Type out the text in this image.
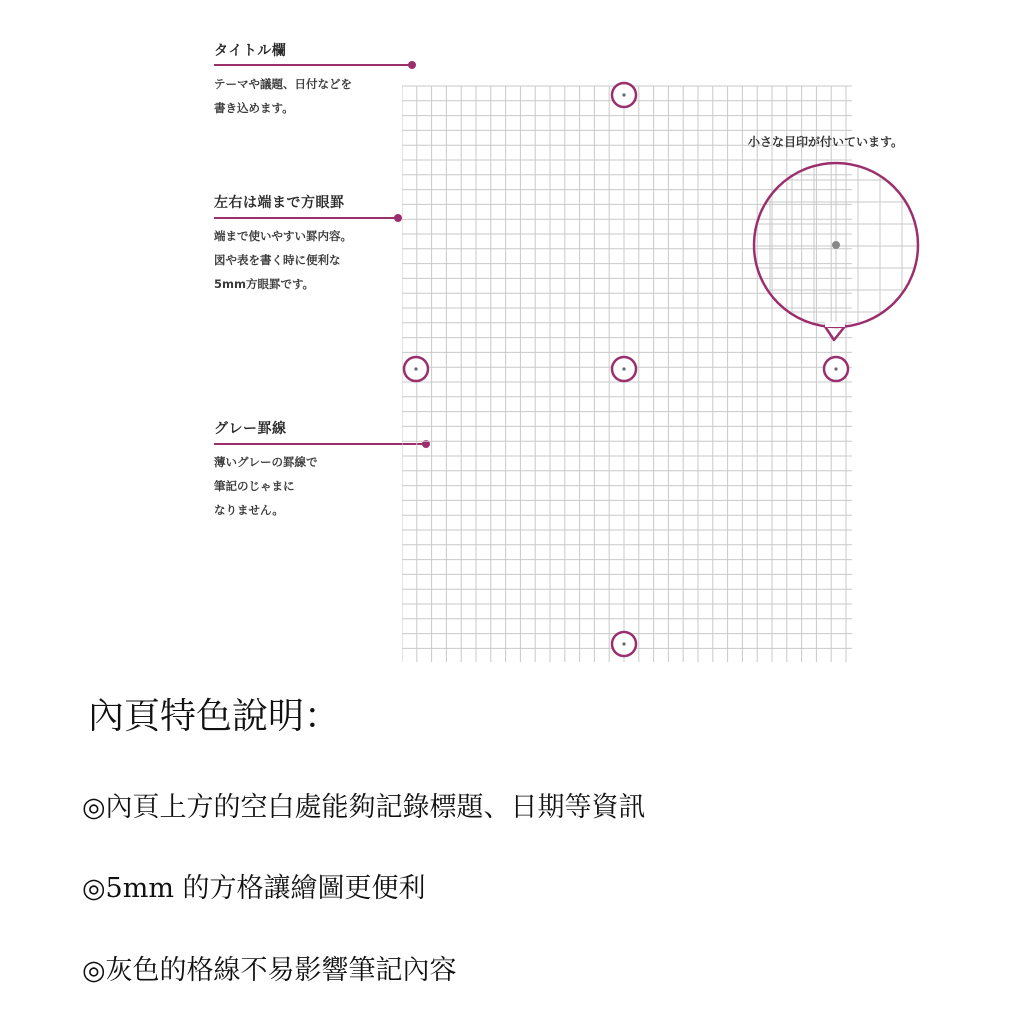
タイトル欄
テーマや議題、日付などを
書き込めます。
左右は端まで方眼罫
端まで使いやすい罫内容。
図や表を書く時に便利な
5mm方眼罫です。
グレー罫線
薄いグレーの罫線で
筆記のじゃまに
なりません。
小さな目印が付いています。
內頁特色說明：
◎內頁上方的空白處能夠記錄標題、日期等資訊
◎5mm 的方格讓繪圖更便利
◎灰色的格線不易影響筆記內容
